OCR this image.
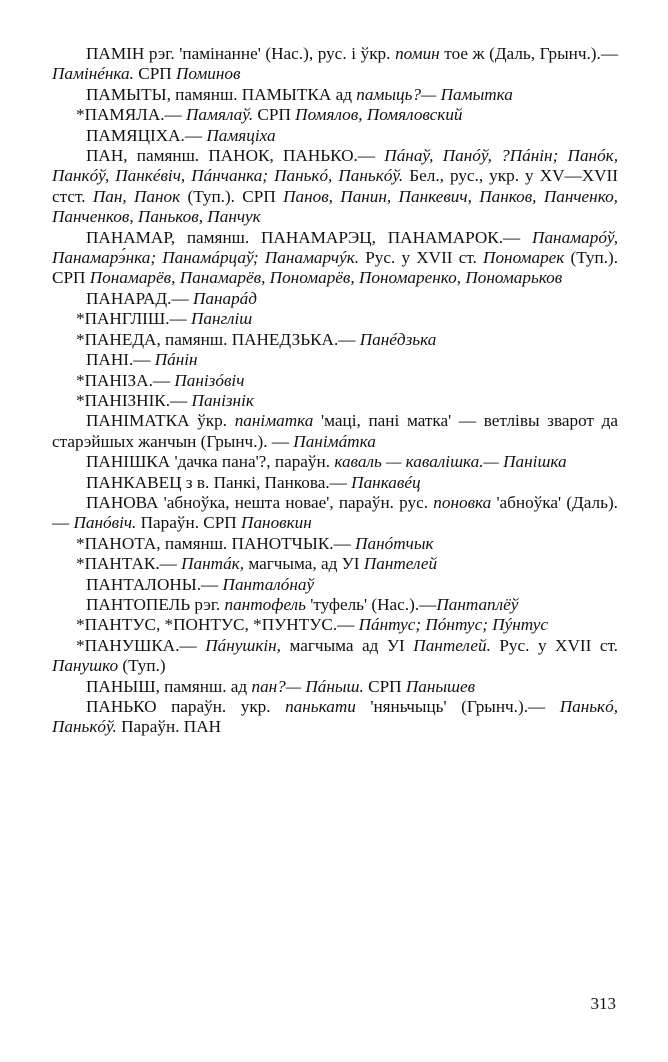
ПАМІН рэг. 'памінанне' (Нас.), рус. і ўкр. помин тое ж (Даль, Грынч.).— Памінéнка. СРП Поминов

ПАМЫТЫ, памянш. ПАМЫТКА ад памыць?— Памытка

*ПАМЯЛА.— Памялаў. СРП Помялов, Помяловский

ПАМЯЦІХА.— Памяціха

ПАН, памянш. ПАНОК, ПАНЬКО.— Пáнаў, Панóў, ?Пáнін; Панóк, Панкóў, Панкéвіч, Пáнчанка; Панькó, Панькóў. Бел., рус., укр. у XV—XVII стст. Пан, Панок (Туп.). СРП Панов, Панин, Панкевич, Панков, Панченко, Панченков, Паньков, Панчук

ПАНАМАР, памянш. ПАНАМАРЭЦ, ПАНАМАРОК.— Панамарóў, Панамарэ́нка; Панамáрцаў; Панамарчýк. Рус. у XVII ст. Пономарек (Туп.). СРП Понамарёв, Панамарёв, Пономарёв, Пономаренко, Пономарьков

ПАНАРАД.— Панарáд

*ПАНГЛІШ.— Пангліш

*ПАНЕДА, памянш. ПАНЕДЗЬКА.— Панéдзька

ПАНІ.— Пáнін

*ПАНІЗА.— Панізóвіч

*ПАНІЗНІК.— Панізнік

ПАНІМАТКА ўкр. паніматка 'маці, пані матка' — ветлівы зварот да старэйшых жанчын (Грынч.). — Панімáтка

ПАНІШКА 'дачка пана'?, параўн. каваль — кавалішка.— Панішка

ПАНКАВЕЦ з в. Панкі, Панкова.— Панкавéц

ПАНОВА 'абноўка, нешта новае', параўн. рус. поновка 'абноўка' (Даль).— Панóвіч. Параўн. СРП Пановкин

*ПАНОТА, памянш. ПАНОТЧЫК.— Панóтчык

*ПАНТАК.— Пантáк, магчыма, ад УІ Пантелей

ПАНТАЛОНЫ.— Панталóнаў

ПАНТОПЕЛЬ рэг. пантофель 'туфель' (Нас.).—Пантаплёў

*ПАНТУС, *ПОНТУС, *ПУНТУС.— Пáнтус; Пóнтус; Пýнтус

*ПАНУШКА.— Пáнушкін, магчыма ад УІ Пантелей. Рус. у XVII ст. Панушко (Туп.)

ПАНЫШ, памянш. ад пан?— Пáныш. СРП Панышев

ПАНЬКО параўн. укр. панькати 'няньчыць' (Грынч.).— Панькó, Панькóў. Параўн. ПАН

313
